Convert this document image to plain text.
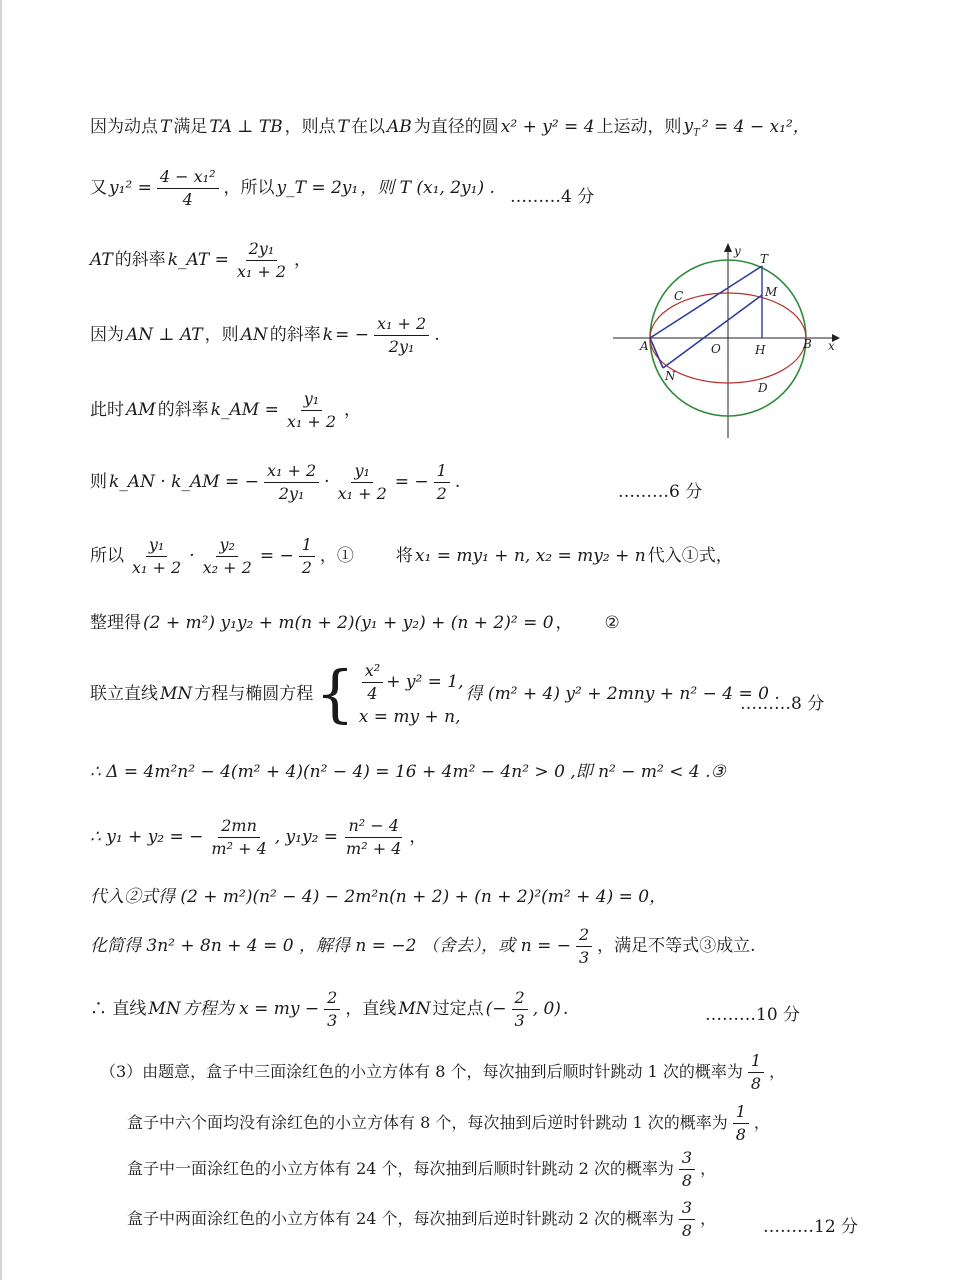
因为动点 T 满足 TA ⊥ TB ，则点 T 在以 AB 为直径的圆 x² + y² = 4 上运动，则 $y_T$ ² = 4 − x₁²，
又 $y_1^2 = \frac{\text{4 − x₁²}}{4}$ ，所以 y_T = 2y₁ ，则 T (x₁, 2y₁) . ………4 分
AT 的斜率 k_AT = $\frac{\text{2y₁}}{\text{x₁ + 2}}$ ，
因为 AN ⊥ AT ，则 AN 的斜率 k = − $\frac{\text{x₁ + 2}}{\text{2y₁}}$ .
此时 AM 的斜率 k_AM = $\frac{\text{y₁}}{\text{x₁ + 2}}$ ，
则 k_AN · k_AM = − $\frac{\text{x₁ + 2}}{\text{2y₁}} \cdot \frac{\text{y₁}}{\text{x₁ + 2}}$ = − $\frac{1}{2}$ .
………6 分
所以 $\frac{\text{y₁}}{\text{x₁ + 2}} \cdot \frac{\text{y₂}}{\text{x₂ + 2}}$ = − $\frac{1}{2}$ ，① 将 x₁ = my₁ + n, x₂ = my₂ + n 代入①式，
整理得 (2 + m²) y₁y₂ + m(n + 2)(y₁ + y₂) + (n + 2)² = 0 ， ②
联立直线 MN 方程与椭圆方程 { $\frac{\text{x²}}{4} + y^2 = 1$,
x = my + n,
得 (m² + 4) y² + 2mny + n² − 4 = 0 .
………8 分
∴ Δ = 4m²n² − 4(m² + 4)(n² − 4) = 16 + 4m² − 4n² > 0 ,即 n² − m² < 4 .③
∴ y₁ + y₂ = − $\frac{2mn}{\text{m² + 4}}$ , $y_1y_2 = \frac{\text{n² − 4}}{\text{m² + 4}}$ ，
代入②式得 (2 + m²)(n² − 4) − 2m²n(n + 2) + (n + 2)²(m² + 4) = 0，
化简得 3n² + 8n + 4 = 0 ，解得 n = −2 （舍去），或 n = − $\frac{2}{3}$ ，满足不等式③成立.
∴ 直线 MN 方程为 x = my − $\frac{2}{3}$ ，直线 MN 过定点 (− $\frac{2}{3}$ , 0) .	………10 分
（3）由题意，盒子中三面涂红色的小立方体有 8 个，每次抽到后顺时针跳动 1 次的概率为 $\frac{1}{8}$ ，
盒子中六个面均没有涂红色的小立方体有 8 个，每次抽到后逆时针跳动 1 次的概率为 $\frac{1}{8}$ ，
盒子中一面涂红色的小立方体有 24 个，每次抽到后顺时针跳动 2 次的概率为 $\frac{3}{8}$ ，
盒子中两面涂红色的小立方体有 24 个，每次抽到后逆时针跳动 2 次的概率为 $\frac{3}{8}$ ，	………12 分
y
x
T
M
C
A	O	H	B
N
D
